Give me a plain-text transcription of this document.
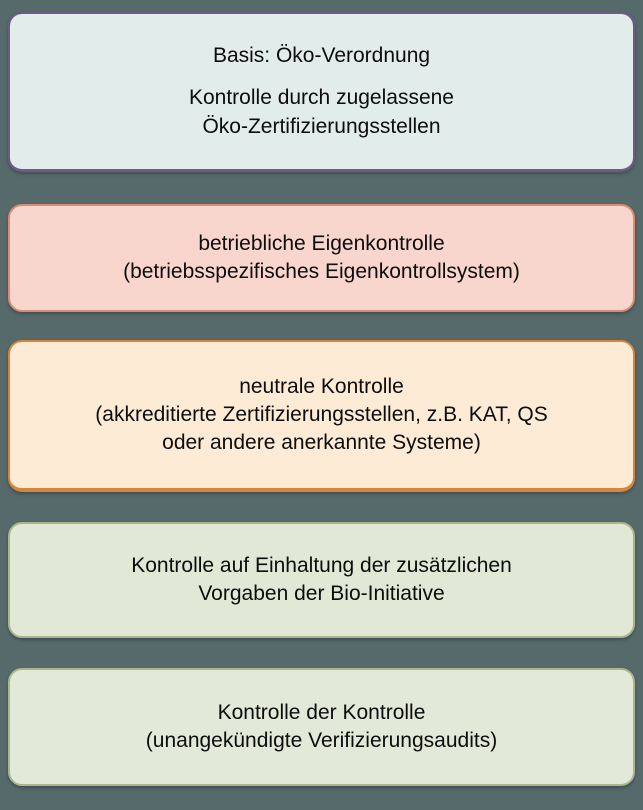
Basis: Öko-Verordnung
Kontrolle durch zugelassene
Öko-Zertifizierungsstellen
betriebliche Eigenkontrolle
(betriebsspezifisches Eigenkontrollsystem)
neutrale Kontrolle
(akkreditierte Zertifizierungsstellen, z.B. KAT, QS
oder andere anerkannte Systeme)
Kontrolle auf Einhaltung der zusätzlichen
Vorgaben der Bio-Initiative
Kontrolle der Kontrolle
(unangekündigte Verifizierungsaudits)
